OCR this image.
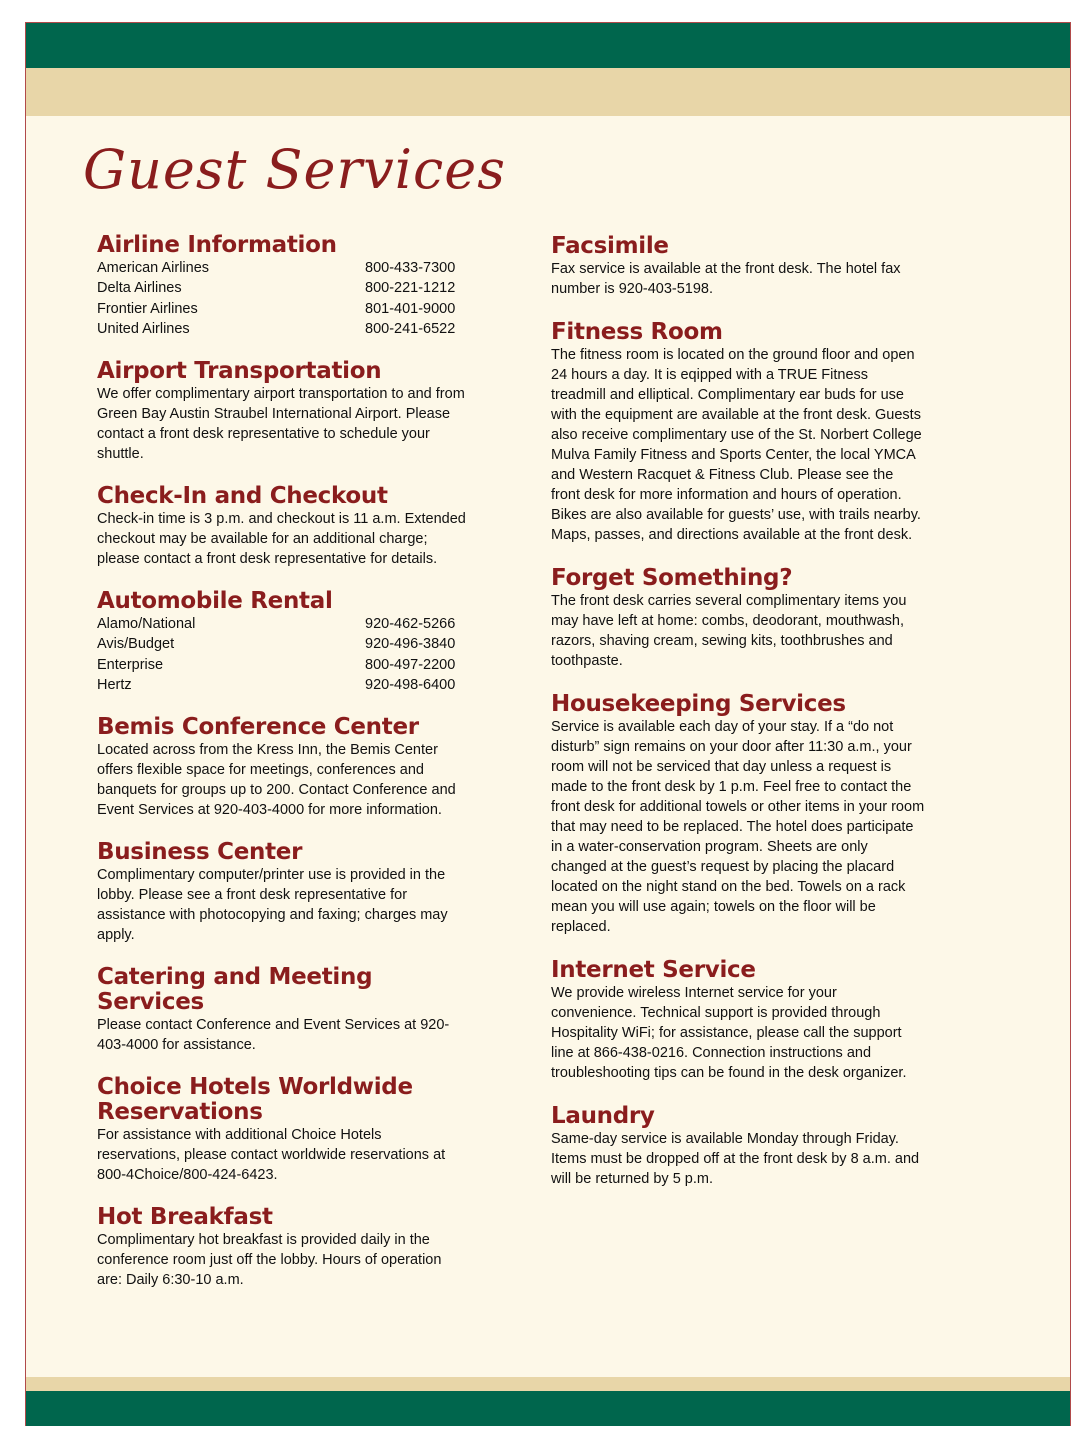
Guest Services
Airline Information
American Airlines	800-433-7300
Delta Airlines	800-221-1212
Frontier Airlines	801-401-9000
United Airlines	800-241-6522
Airport Transportation

We offer complimentary airport transportation to and from Green Bay Austin Straubel International Airport. Please contact a front desk representative to schedule your shuttle.

Check-In and Checkout

Check-in time is 3 p.m. and checkout is 11 a.m. Extended checkout may be available for an additional charge; please contact a front desk representative for details.

Automobile Rental
Alamo/National	920-462-5266
Avis/Budget	920-496-3840
Enterprise	800-497-2200
Hertz	920-498-6400
Bemis Conference Center

Located across from the Kress Inn, the Bemis Center offers flexible space for meetings, conferences and banquets for groups up to 200. Contact Conference and Event Services at 920-403-4000 for more information.

Business Center

Complimentary computer/printer use is provided in the lobby. Please see a front desk representative for assistance with photocopying and faxing; charges may apply.

Catering and Meeting Services

Please contact Conference and Event Services at 920-403-4000 for assistance.

Choice Hotels Worldwide Reservations

For assistance with additional Choice Hotels reservations, please contact worldwide reservations at 800-4Choice/800-424-6423.

Hot Breakfast

Complimentary hot breakfast is provided daily in the conference room just off the lobby. Hours of operation are: Daily 6:30-10 a.m.

Facsimile

Fax service is available at the front desk. The hotel fax number is 920-403-5198.

Fitness Room

The fitness room is located on the ground floor and open 24 hours a day. It is eqipped with a TRUE Fitness treadmill and elliptical. Complimentary ear buds for use with the equipment are available at the front desk. Guests also receive complimentary use of the St. Norbert College Mulva Family Fitness and Sports Center, the local YMCA and Western Racquet & Fitness Club. Please see the front desk for more information and hours of operation. Bikes are also available for guests’ use, with trails nearby. Maps, passes, and directions available at the front desk.

Forget Something?

The front desk carries several complimentary items you may have left at home: combs, deodorant, mouthwash, razors, shaving cream, sewing kits, toothbrushes and toothpaste.

Housekeeping Services

Service is available each day of your stay. If a “do not disturb” sign remains on your door after 11:30 a.m., your room will not be serviced that day unless a request is made to the front desk by 1 p.m. Feel free to contact the front desk for additional towels or other items in your room that may need to be replaced. The hotel does participate in a water-conservation program. Sheets are only changed at the guest’s request by placing the placard located on the night stand on the bed. Towels on a rack mean you will use again; towels on the floor will be replaced.

Internet Service

We provide wireless Internet service for your convenience. Technical support is provided through Hospitality WiFi; for assistance, please call the support line at 866-438-0216. Connection instructions and troubleshooting tips can be found in the desk organizer.

Laundry

Same-day service is available Monday through Friday. Items must be dropped off at the front desk by 8 a.m. and will be returned by 5 p.m.
